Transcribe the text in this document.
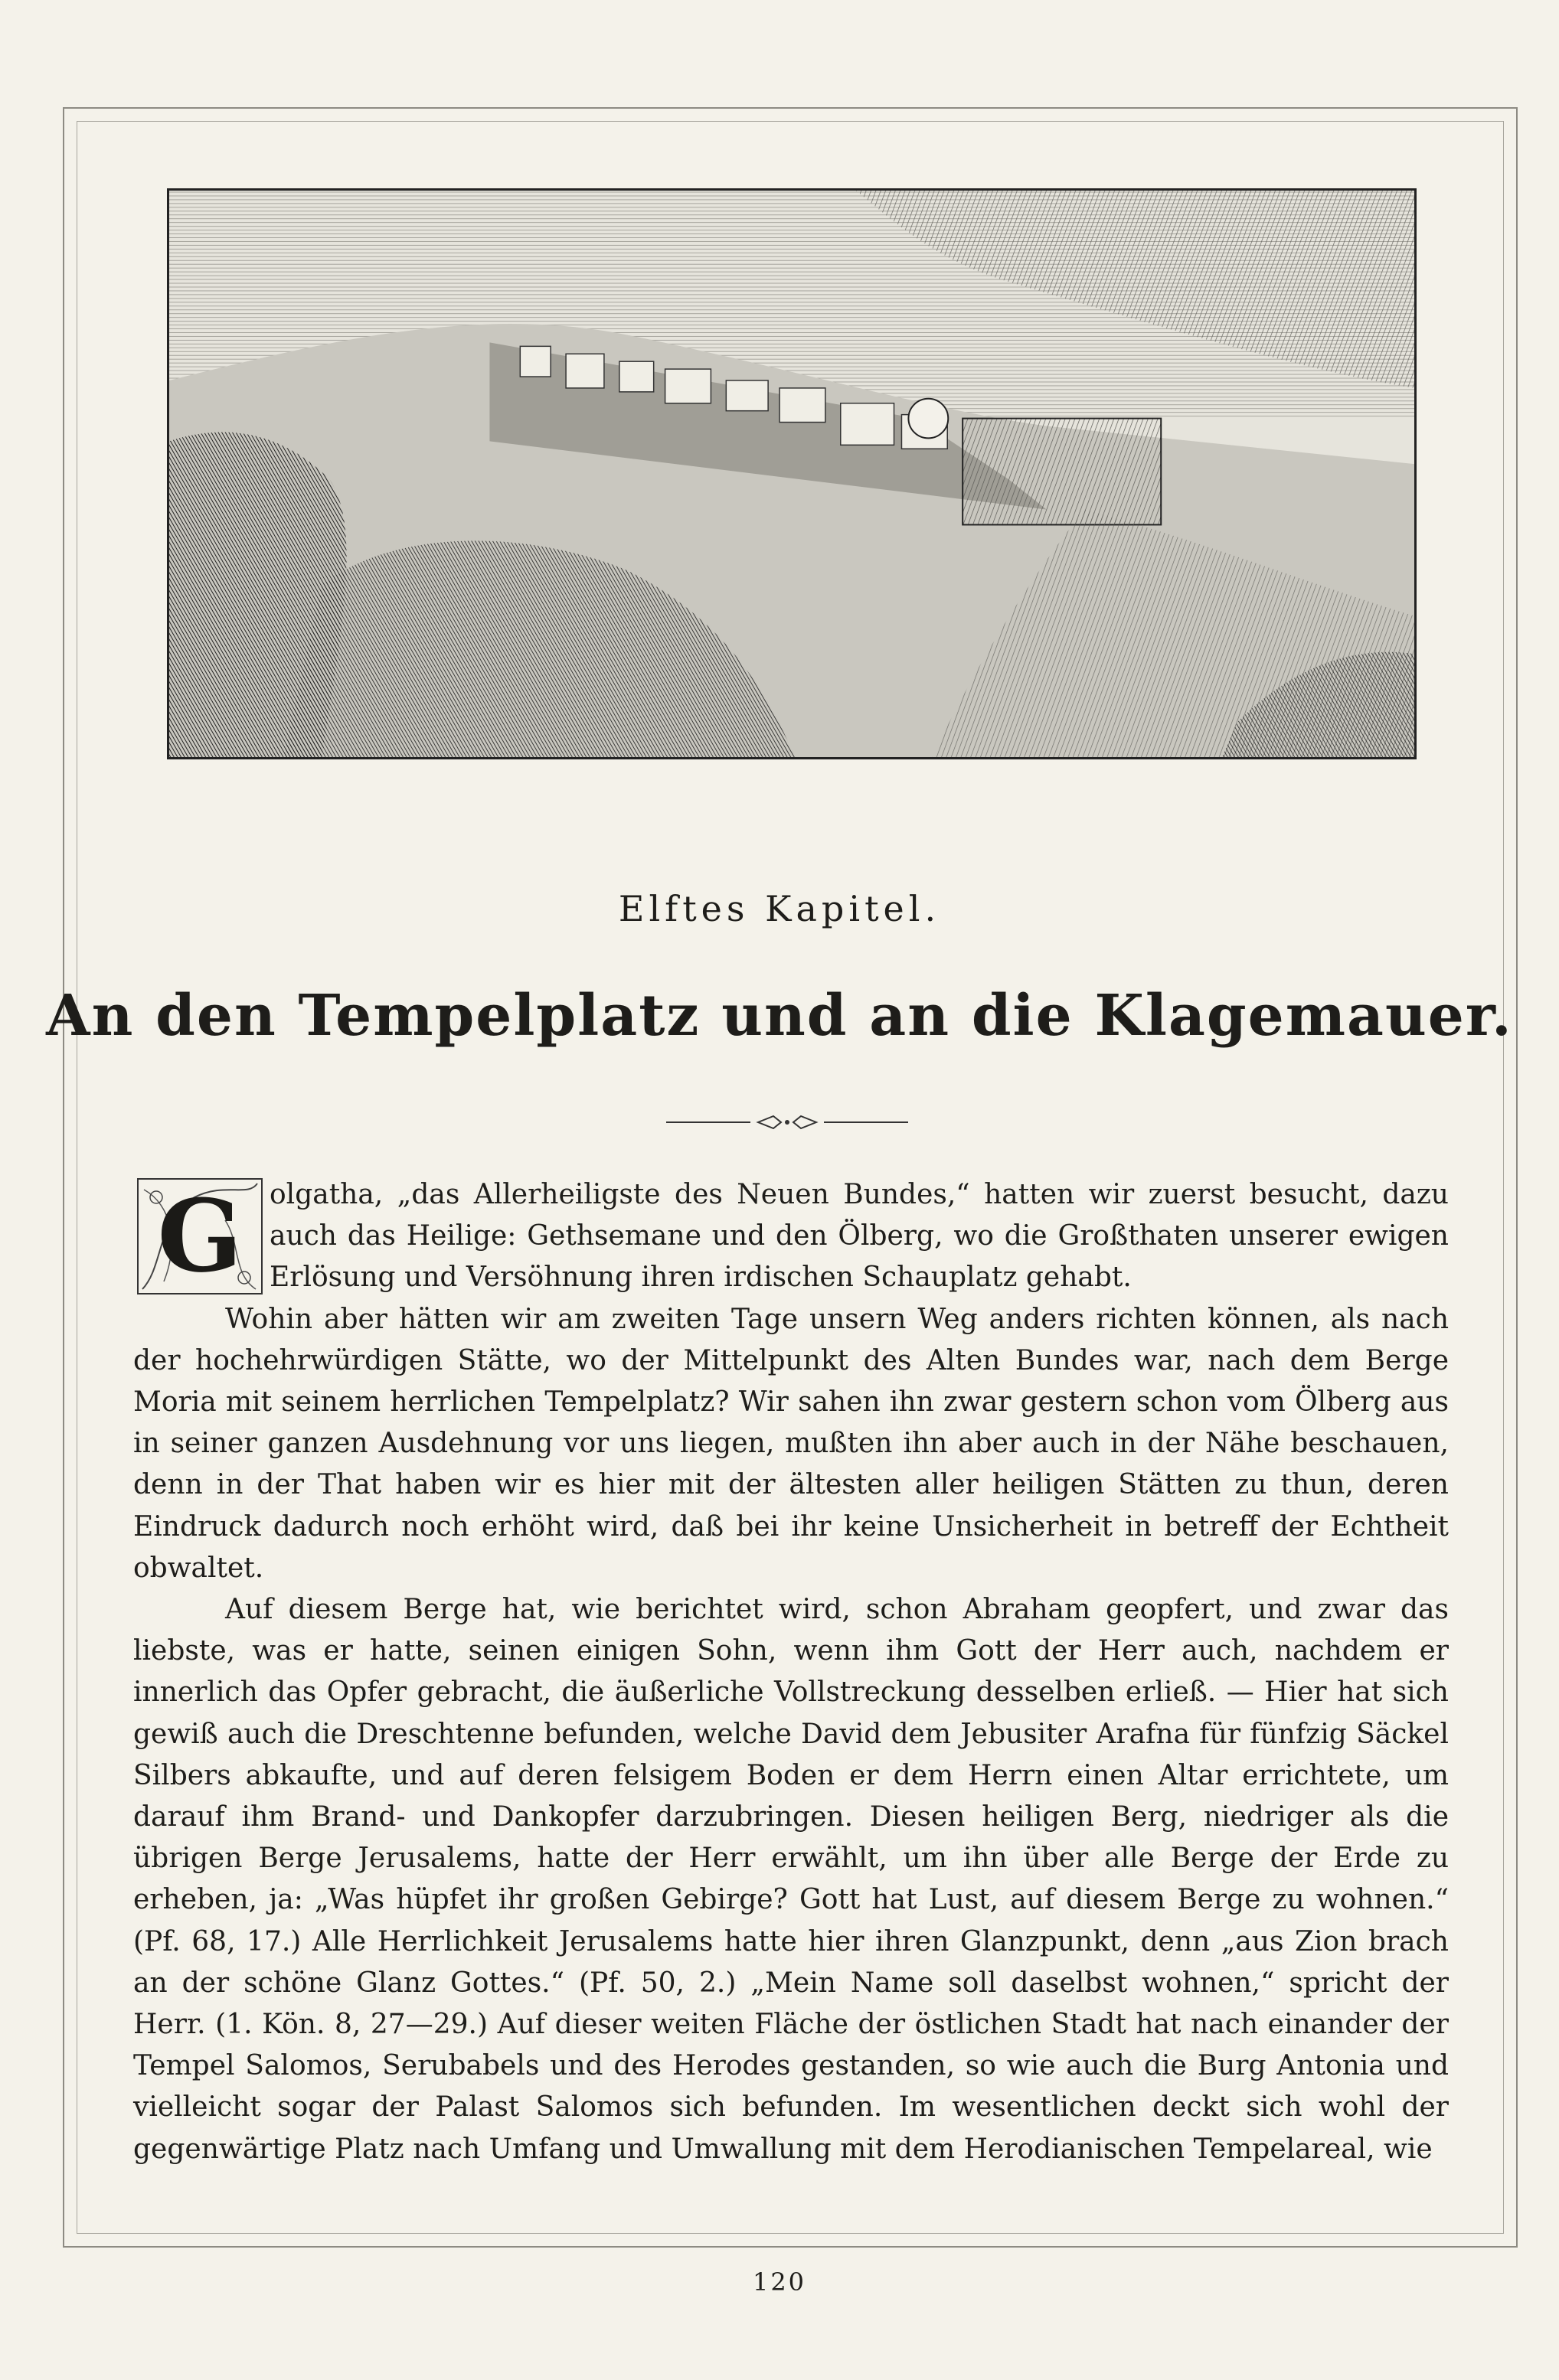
Elftes Kapitel.
An den Tempelplatz und an die Klagemauer.

G olgatha, „das Allerheiligste des Neuen Bundes,“ hatten wir zuerst besucht, dazu auch das Heilige: Gethsemane und den Ölberg, wo die Großthaten unserer ewigen Erlösung und Versöhnung ihren irdischen Schauplatz gehabt.

Wohin aber hätten wir am zweiten Tage unsern Weg anders richten können, als nach der hochehrwürdigen Stätte, wo der Mittelpunkt des Alten Bundes war, nach dem Berge Moria mit seinem herrlichen Tempelplatz? Wir sahen ihn zwar gestern schon vom Ölberg aus in seiner ganzen Ausdehnung vor uns liegen, mußten ihn aber auch in der Nähe beschauen, denn in der That haben wir es hier mit der ältesten aller heiligen Stätten zu thun, deren Eindruck dadurch noch erhöht wird, daß bei ihr keine Unsicherheit in betreff der Echtheit obwaltet.

Auf diesem Berge hat, wie berichtet wird, schon Abraham geopfert, und zwar das liebste, was er hatte, seinen einigen Sohn, wenn ihm Gott der Herr auch, nachdem er innerlich das Opfer gebracht, die äußerliche Vollstreckung desselben erließ. — Hier hat sich gewiß auch die Dreschtenne befunden, welche David dem Jebusiter Arafna für fünfzig Säckel Silbers abkaufte, und auf deren felsigem Boden er dem Herrn einen Altar errichtete, um darauf ihm Brand- und Dankopfer darzubringen. Diesen heiligen Berg, niedriger als die übrigen Berge Jerusalems, hatte der Herr erwählt, um ihn über alle Berge der Erde zu erheben, ja: „Was hüpfet ihr großen Gebirge? Gott hat Lust, auf diesem Berge zu wohnen.“ (Pf. 68, 17.) Alle Herrlichkeit Jerusalems hatte hier ihren Glanzpunkt, denn „aus Zion brach an der schöne Glanz Gottes.“ (Pf. 50, 2.) „Mein Name soll daselbst wohnen,“ spricht der Herr. (1. Kön. 8, 27—29.) Auf dieser weiten Fläche der östlichen Stadt hat nach einander der Tempel Salomos, Serubabels und des Herodes gestanden, so wie auch die Burg Antonia und vielleicht sogar der Palast Salomos sich befunden. Im wesentlichen deckt sich wohl der gegenwärtige Platz nach Umfang und Umwallung mit dem Herodianischen Tempelareal, wie

120
